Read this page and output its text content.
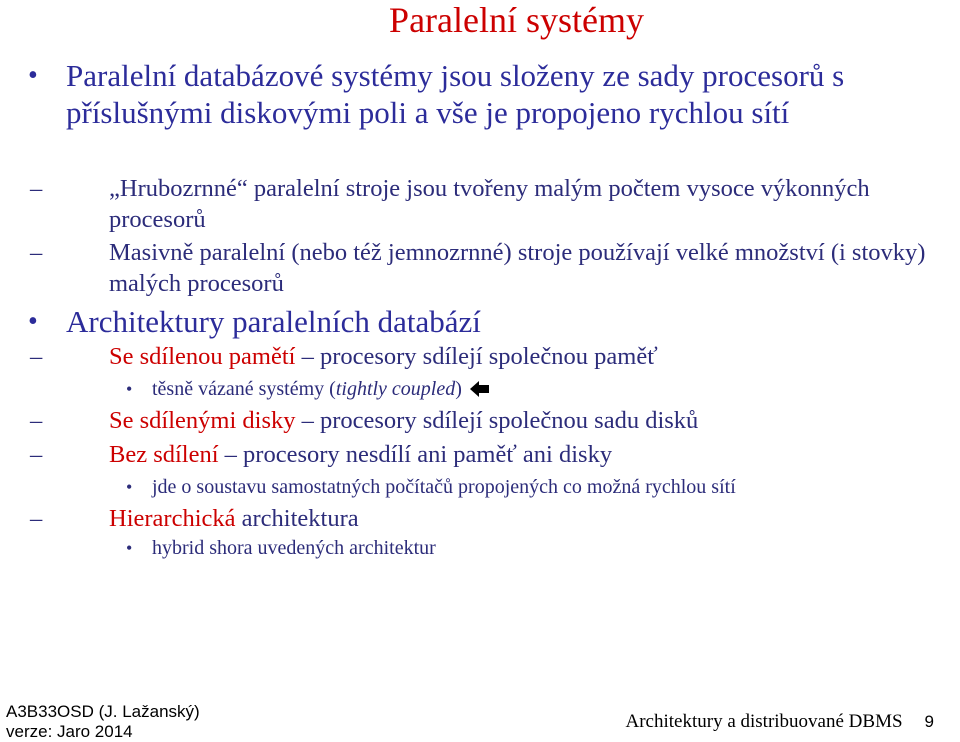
Paralelní systémy
• Paralelní databázové systémy jsou složeny ze sady procesorů s příslušnými diskovými poli a vše je propojeno rychlou sítí
–	„Hrubozrnné“ paralelní stroje jsou tvořeny malým počtem vysoce výkonných procesorů
–	Masivně paralelní (nebo též jemnozrnné) stroje používají velké množství (i stovky) malých procesorů
• Architektury paralelních databází
–	Se sdílenou pamětí – procesory sdílejí společnou paměť
• těsně vázané systémy (tightly coupled)
–	Se sdílenými disky – procesory sdílejí společnou sadu disků
–	Bez sdílení – procesory nesdílí ani paměť ani disky
• jde o soustavu samostatných počítačů propojených co možná rychlou sítí
–	Hierarchická architektura
• hybrid shora uvedených architektur
A3B33OSD (J. Lažanský)
verze: Jaro 2014	Architektury a distribuované DBMS 9
